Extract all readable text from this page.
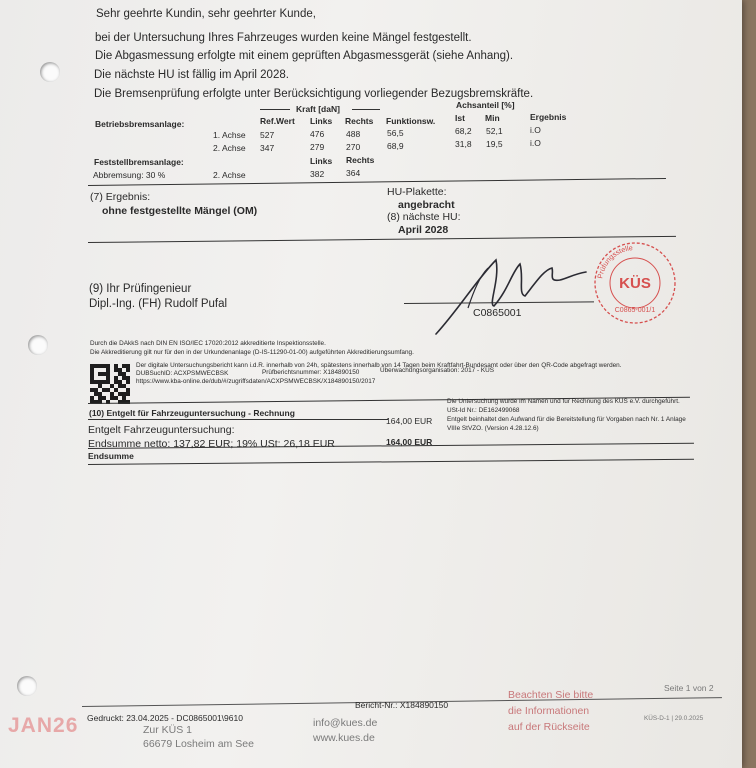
Sehr geehrte Kundin, sehr geehrter Kunde,
bei der Untersuchung Ihres Fahrzeuges wurden keine Mängel festgestellt.
Die Abgasmessung erfolgte mit einem geprüften Abgasmessgerät (siehe Anhang).
Die nächste HU ist fällig im April 2028.
Die Bremsenprüfung erfolgte unter Berücksichtigung vorliegender Bezugsbremskräfte.
Kraft [daN]	Achsanteil [%]
Betriebsbremsanlage:	Ref.Wert Links Rechts Funktionsw. Ist Min	Ergebnis
1. Achse 527	476	488	56,5	68,2 52,1	i.O
2. Achse 347	279	270	68,9	31,8 19,5	i.O
Feststellbremsanlage:	Links Rechts
Abbremsung: 30 %	2. Achse	382	364
(7) Ergebnis:
ohne festgestellte Mängel (OM)
HU-Plakette:
angebracht
(8) nächste HU:
April 2028
(9) Ihr Prüfingenieur
Dipl.-Ing. (FH) Rudolf Pufal
C0865001
Prüfungsstelle
KÜS
C0865-001/1
Durch die DAkkS nach DIN EN ISO/IEC 17020:2012 akkreditierte Inspektionsstelle.
Die Akkreditierung gilt nur für den in der Urkundenanlage (D-IS-11290-01-00) aufgeführten Akkreditierungsumfang.
Der digitale Untersuchungsbericht kann i.d.R. innerhalb von 24h, spätestens innerhalb von 14 Tagen beim Kraftfahrt-Bundesamt oder über den QR-Code abgefragt werden.
DUBSuchID: ACXPSMWECBSK	Prüfberichtsnummer: X184890150	Überwachungsorganisation: 2017 - KÜS
https://www.kba-online.de/dub/#/zugriffsdaten/ACXPSMWECBSK/X184890150/2017
(10) Entgelt für Fahrzeuguntersuchung - Rechnung
Entgelt Fahrzeuguntersuchung:
164,00 EUR
Endsumme netto: 137,82 EUR; 19% USt: 26,18 EUR	164,00 EUR
Endsumme
Die Untersuchung wurde im Namen und für Rechnung des KÜS e.V. durchgeführt.
USt-Id Nr.: DE162499068
Entgelt beinhaltet den Aufwand für die Bereitstellung für Vorgaben nach Nr. 1 Anlage
VIIIe StVZO. (Version 4.28.12.6)
JAN26 Gedruckt: 23.04.2025 - DC0865001\9610
Bericht-Nr.: X184890150
Zur KÜS 1
66679 Losheim am See
info@kues.de
www.kues.de
Beachten Sie bitte
die Informationen
auf der Rückseite
Seite 1 von 2
KÜS-D-1 | 29.0.2025
